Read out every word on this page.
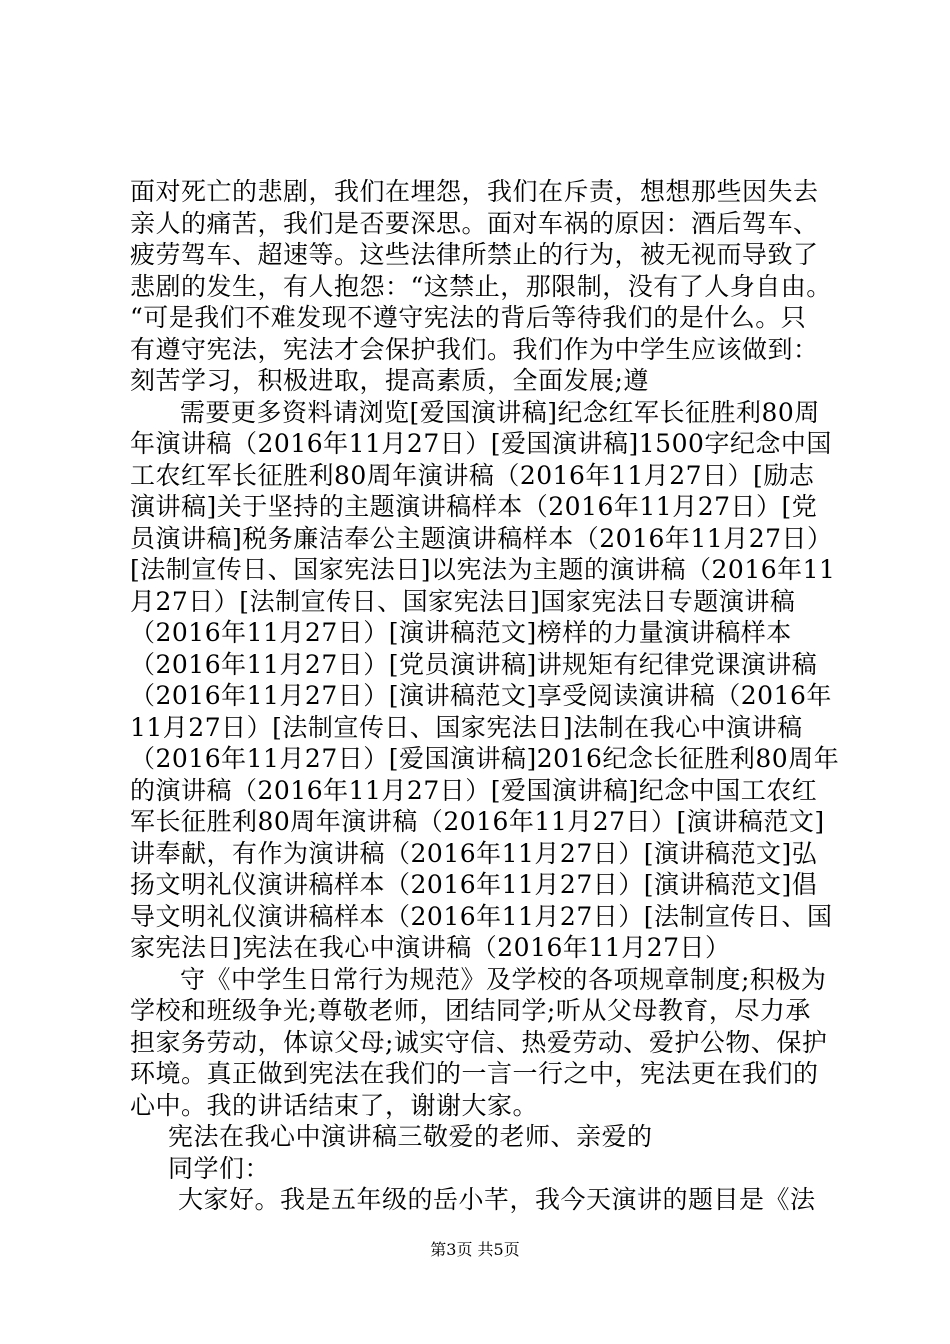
面对死亡的悲剧，我们在埋怨，我们在斥责，想想那些因失去
亲人的痛苦，我们是否要深思。面对车祸的原因：酒后驾车、
疲劳驾车、超速等。这些法律所禁止的行为，被无视而导致了
悲剧的发生，有人抱怨：“这禁止，那限制，没有了人身自由。
“可是我们不难发现不遵守宪法的背后等待我们的是什么。只
有遵守宪法，宪法才会保护我们。我们作为中学生应该做到：
刻苦学习，积极进取，提高素质，全面发展;遵
需要更多资料请浏览[爱国演讲稿]纪念红军长征胜利80周
年演讲稿（2016年11月27日）[爱国演讲稿]1500字纪念中国
工农红军长征胜利80周年演讲稿（2016年11月27日）[励志
演讲稿]关于坚持的主题演讲稿样本（2016年11月27日）[党
员演讲稿]税务廉洁奉公主题演讲稿样本（2016年11月27日）
[法制宣传日、国家宪法日]以宪法为主题的演讲稿（2016年11
月27日）[法制宣传日、国家宪法日]国家宪法日专题演讲稿
（2016年11月27日）[演讲稿范文]榜样的力量演讲稿样本
（2016年11月27日）[党员演讲稿]讲规矩有纪律党课演讲稿
（2016年11月27日）[演讲稿范文]享受阅读演讲稿（2016年
11月27日）[法制宣传日、国家宪法日]法制在我心中演讲稿
（2016年11月27日）[爱国演讲稿]2016纪念长征胜利80周年
的演讲稿（2016年11月27日）[爱国演讲稿]纪念中国工农红
军长征胜利80周年演讲稿（2016年11月27日）[演讲稿范文]
讲奉献，有作为演讲稿（2016年11月27日）[演讲稿范文]弘
扬文明礼仪演讲稿样本（2016年11月27日）[演讲稿范文]倡
导文明礼仪演讲稿样本（2016年11月27日）[法制宣传日、国
家宪法日]宪法在我心中演讲稿（2016年11月27日）
守《中学生日常行为规范》及学校的各项规章制度;积极为
学校和班级争光;尊敬老师，团结同学;听从父母教育，尽力承
担家务劳动，体谅父母;诚实守信、热爱劳动、爱护公物、保护
环境。真正做到宪法在我们的一言一行之中，宪法更在我们的
心中。我的讲话结束了，谢谢大家。
宪法在我心中演讲稿三敬爱的老师、亲爱的
同学们：
大家好。我是五年级的岳小芊，我今天演讲的题目是《法
第3页 共5页
